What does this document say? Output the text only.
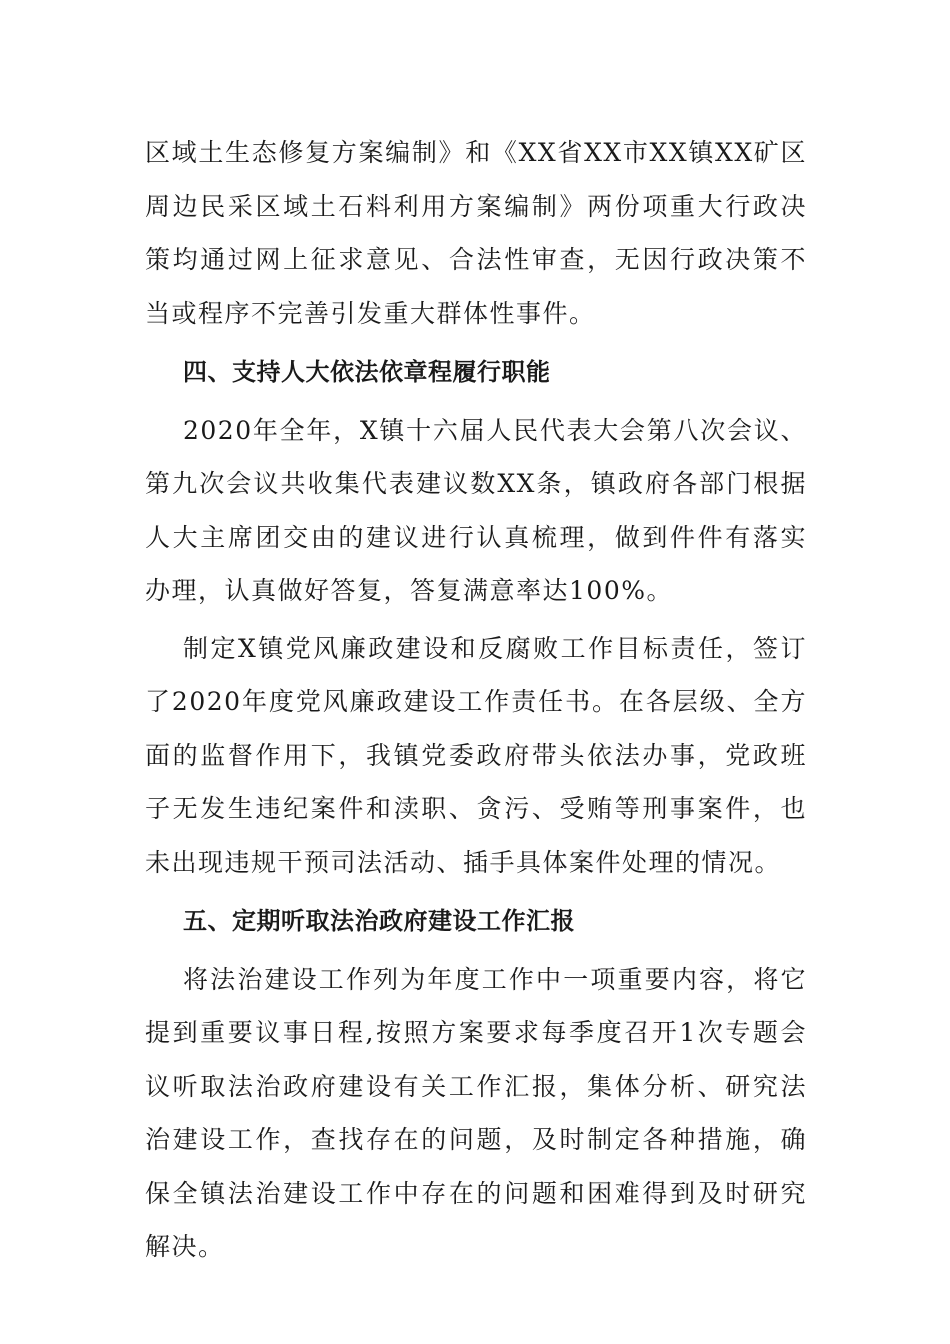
区域土生态修复方案编制》和《XX省XX市XX镇XX矿区周边民采区域土石料利用方案编制》两份项重大行政决策均通过网上征求意见、合法性审查，无因行政决策不当或程序不完善引发重大群体性事件。

四、支持人大依法依章程履行职能

2020年全年，X镇十六届人民代表大会第八次会议、第九次会议共收集代表建议数XX条，镇政府各部门根据人大主席团交由的建议进行认真梳理，做到件件有落实办理，认真做好答复，答复满意率达100%。

制定X镇党风廉政建设和反腐败工作目标责任，签订了2020年度党风廉政建设工作责任书。在各层级、全方面的监督作用下，我镇党委政府带头依法办事，党政班子无发生违纪案件和渎职、贪污、受贿等刑事案件，也未出现违规干预司法活动、插手具体案件处理的情况。

五、定期听取法治政府建设工作汇报

将法治建设工作列为年度工作中一项重要内容，将它提到重要议事日程,按照方案要求每季度召开1次专题会议听取法治政府建设有关工作汇报，集体分析、研究法治建设工作，查找存在的问题，及时制定各种措施，确保全镇法治建设工作中存在的问题和困难得到及时研究解决。
